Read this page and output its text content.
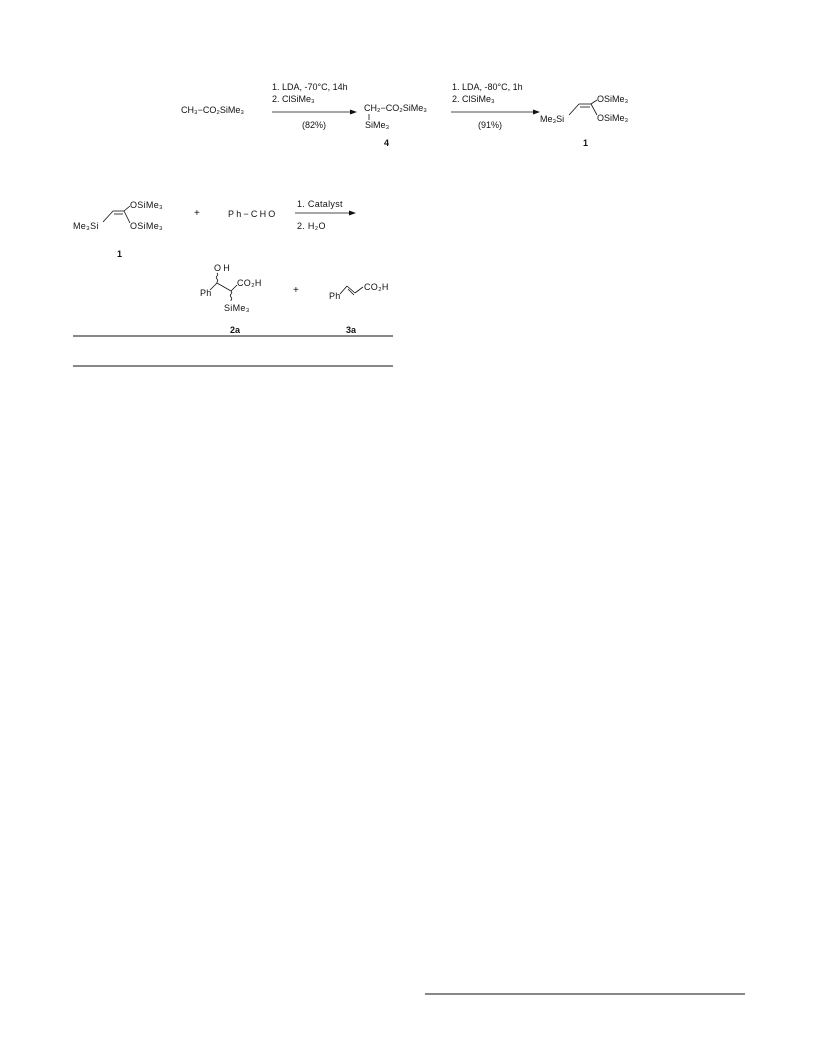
CH₃−CO₂SiMe₃
1. LDA, -70°C, 14h
2. ClSiMe₃
(82%)
CH₂−CO₂SiMe₃
SiMe₃
4
1. LDA, -80°C, 1h
2. ClSiMe₃
(91%)
OSiMe₃
Me₃Si	OSiMe₃
1
OSiMe₃
Me₃Si	OSiMe₃
1
+	Ph−CHO
1. Catalyst
2. H₂O
OH
CO₂H
Ph
SiMe₃
2a
+	Ph
CO₂H
3a
